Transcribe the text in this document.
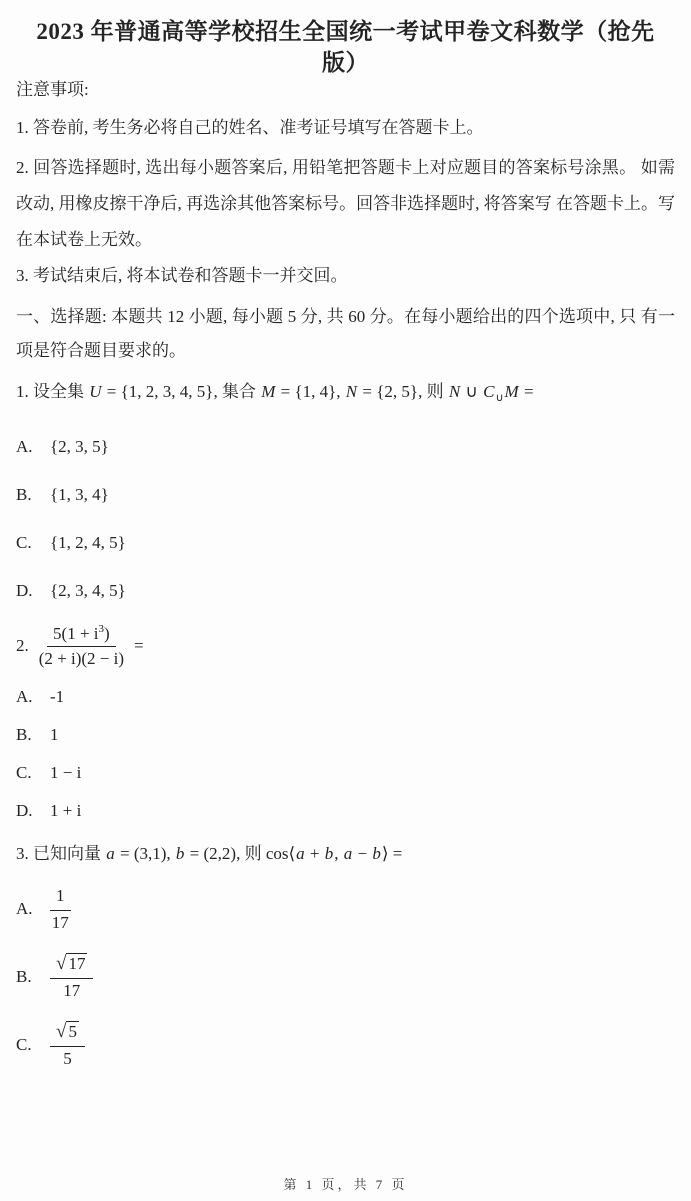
2023 年普通高等学校招生全国统一考试甲卷文科数学（抢先版）
注意事项:

1. 答卷前, 考生务必将自己的姓名、准考证号填写在答题卡上。

2. 回答选择题时, 选出每小题答案后, 用铅笔把答题卡上对应题目的答案标号涂黑。 如需改动, 用橡皮擦干净后, 再选涂其他答案标号。回答非选择题时, 将答案写 在答题卡上。写在本试卷上无效。

3. 考试结束后, 将本试卷和答题卡一并交回。

一、选择题: 本题共 12 小题, 每小题 5 分, 共 60 分。在每小题给出的四个选项中, 只 有一项是符合题目要求的。

1. 设全集 U = {1, 2, 3, 4, 5}, 集合 M = {1, 4}, N = {2, 5}, 则 N ∪ $C_\cup M$ =

A.	{2, 3, 5}
B.	{1, 3, 4}
C.	{1, 2, 4, 5}
D.	{2, 3, 4, 5}
2. $\frac{5(1 + i^3)}{(2 + i)(2 - i)}$ =
A.	-1
B.	1
C.	1 − i
D.	1 + i

3. 已知向量 a = (3,1), b = (2,2), 则 cos⟨a + b, a − b⟩ =

A.	$\frac{1}{17}$
B. $\frac{√ 17}{17}$
C. $\frac{√ 5}{5}$
第 1 页，共 7 页
